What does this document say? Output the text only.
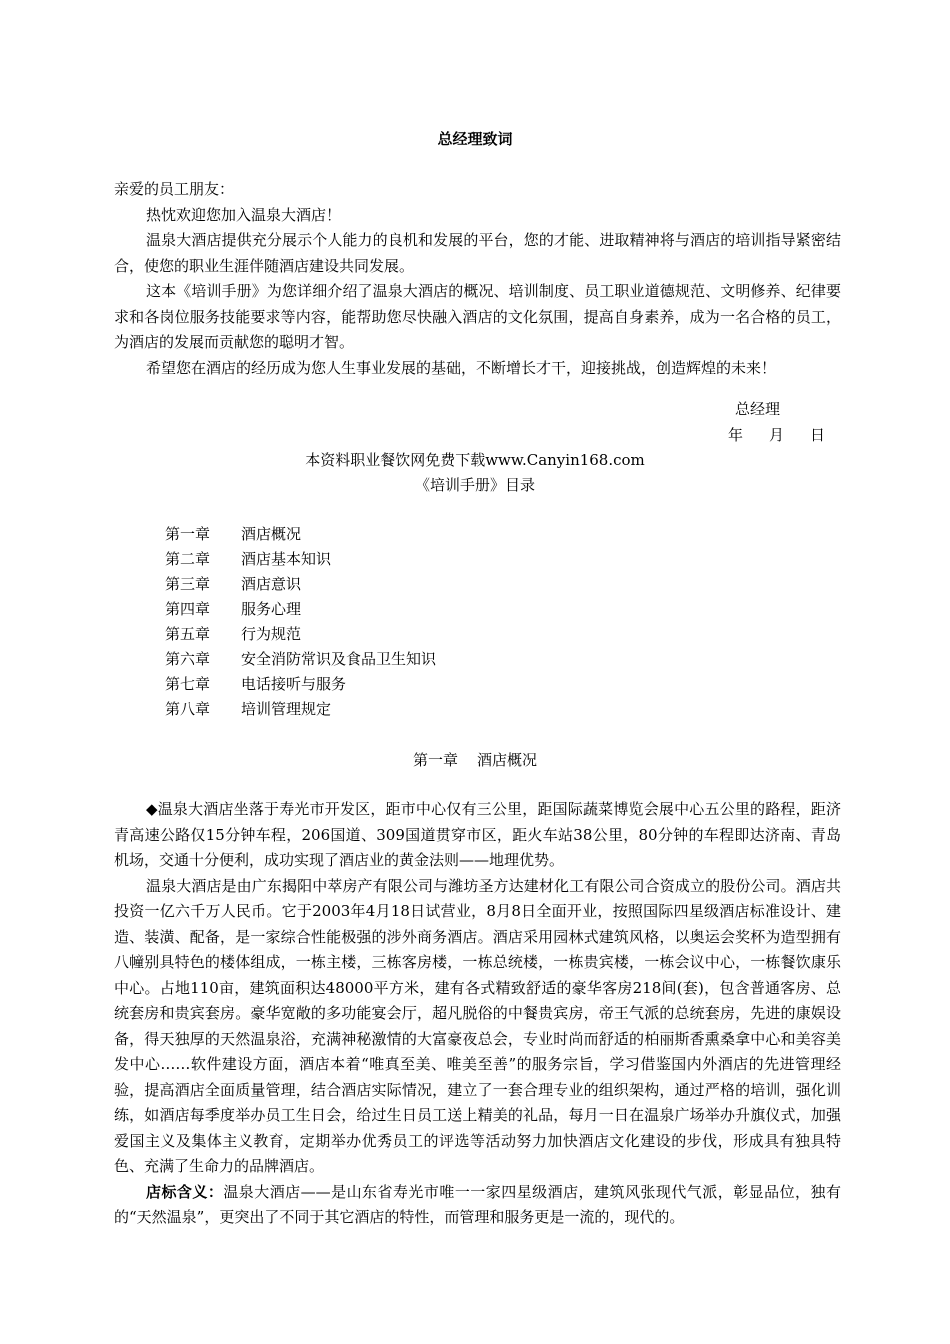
总经理致词

亲爱的员工朋友：

热忱欢迎您加入温泉大酒店！

温泉大酒店提供充分展示个人能力的良机和发展的平台，您的才能、进取精神将与酒店的培训指导紧密结合，使您的职业生涯伴随酒店建设共同发展。

这本《培训手册》为您详细介绍了温泉大酒店的概况、培训制度、员工职业道德规范、文明修养、纪律要求和各岗位服务技能要求等内容，能帮助您尽快融入酒店的文化氛围，提高自身素养，成为一名合格的员工，为酒店的发展而贡献您的聪明才智。

希望您在酒店的经历成为您人生事业发展的基础，不断增长才干，迎接挑战，创造辉煌的未来！

总经理
年 月 日
本资料职业餐饮网免费下载www.Canyin168.com
《培训手册》目录
第一章 酒店概况
第二章 酒店基本知识
第三章 酒店意识
第四章 服务心理
第五章 行为规范
第六章 安全消防常识及食品卫生知识
第七章 电话接听与服务
第八章 培训管理规定
第一章    酒店概况

◆温泉大酒店坐落于寿光市开发区，距市中心仅有三公里，距国际蔬菜博览会展中心五公里的路程，距济青高速公路仅15分钟车程，206国道、309国道贯穿市区，距火车站38公里，80分钟的车程即达济南、青岛机场，交通十分便利，成功实现了酒店业的黄金法则——地理优势。

温泉大酒店是由广东揭阳中萃房产有限公司与潍坊圣方达建材化工有限公司合资成立的股份公司。酒店共投资一亿六千万人民币。它于2003年4月18日试营业，8月8日全面开业，按照国际四星级酒店标准设计、建造、装潢、配备，是一家综合性能极强的涉外商务酒店。酒店采用园林式建筑风格，以奥运会奖杯为造型拥有八幢别具特色的楼体组成，一栋主楼，三栋客房楼，一栋总统楼，一栋贵宾楼，一栋会议中心，一栋餐饮康乐中心。占地110亩，建筑面积达48000平方米，建有各式精致舒适的豪华客房218间(套)，包含普通客房、总统套房和贵宾套房。豪华宽敞的多功能宴会厅，超凡脱俗的中餐贵宾房，帝王气派的总统套房，先进的康娱设备，得天独厚的天然温泉浴，充满神秘激情的大富豪夜总会，专业时尚而舒适的柏丽斯香熏桑拿中心和美容美发中心……软件建设方面，酒店本着“唯真至美、唯美至善”的服务宗旨，学习借鉴国内外酒店的先进管理经验，提高酒店全面质量管理，结合酒店实际情况，建立了一套合理专业的组织架构，通过严格的培训，强化训练，如酒店每季度举办员工生日会，给过生日员工送上精美的礼品，每月一日在温泉广场举办升旗仪式，加强爱国主义及集体主义教育，定期举办优秀员工的评选等活动努力加快酒店文化建设的步伐，形成具有独具特色、充满了生命力的品牌酒店。

店标含义：温泉大酒店——是山东省寿光市唯一一家四星级酒店，建筑风张现代气派，彰显品位，独有的“天然温泉”，更突出了不同于其它酒店的特性，而管理和服务更是一流的，现代的。
